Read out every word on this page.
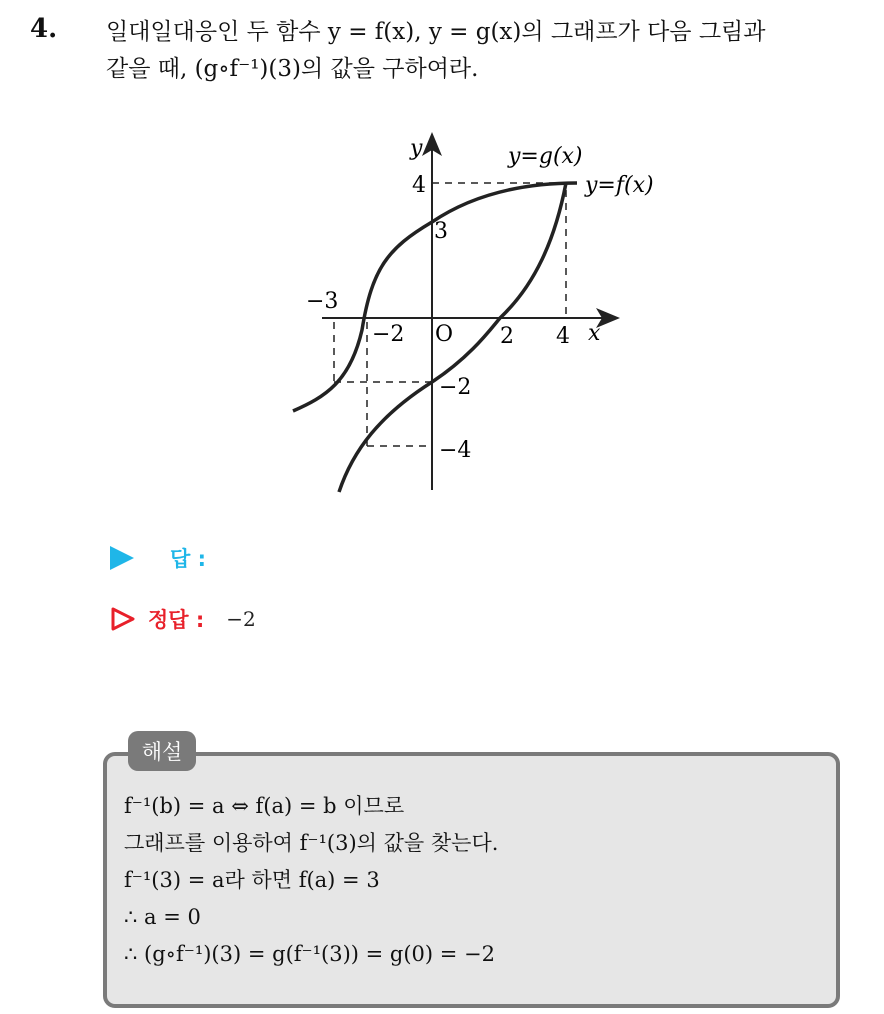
4. 일대일대응인 두 함수 y = f(x), y = g(x)의 그래프가 다음 그림과
같을 때, (g∘f⁻¹)(3)의 값을 구하여라.
y
x
y=g(x)
y=f(x)
O
4
3
−3
−2	2 4
−2
−4
답 :
정답 : −2
해설
f⁻¹(b) = a ⇔ f(a) = b 이므로
그래프를 이용하여 f⁻¹(3)의 값을 찾는다.
f⁻¹(3) = a라 하면 f(a) = 3
∴ a = 0
∴ (g∘f⁻¹)(3) = g(f⁻¹(3)) = g(0) = −2
